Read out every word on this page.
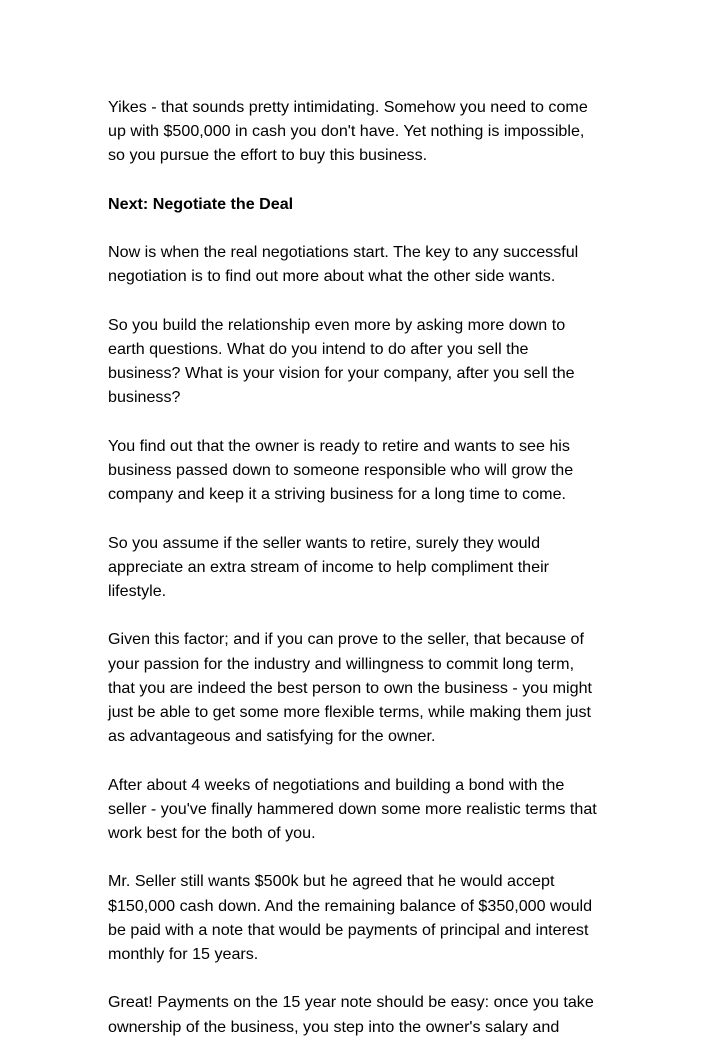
Yikes - that sounds pretty intimidating. Somehow you need to come
up with $500,000 in cash you don't have. Yet nothing is impossible,
so you pursue the effort to buy this business.
Next: Negotiate the Deal
Now is when the real negotiations start. The key to any successful
negotiation is to find out more about what the other side wants.
So you build the relationship even more by asking more down to
earth questions. What do you intend to do after you sell the
business? What is your vision for your company, after you sell the
business?
You find out that the owner is ready to retire and wants to see his
business passed down to someone responsible who will grow the
company and keep it a striving business for a long time to come.
So you assume if the seller wants to retire, surely they would
appreciate an extra stream of income to help compliment their
lifestyle.
Given this factor; and if you can prove to the seller, that because of
your passion for the industry and willingness to commit long term,
that you are indeed the best person to own the business - you might
just be able to get some more flexible terms, while making them just
as advantageous and satisfying for the owner.
After about 4 weeks of negotiations and building a bond with the
seller - you've finally hammered down some more realistic terms that
work best for the both of you.
Mr. Seller still wants $500k but he agreed that he would accept
$150,000 cash down. And the remaining balance of $350,000 would
be paid with a note that would be payments of principal and interest
monthly for 15 years.
Great! Payments on the 15 year note should be easy: once you take
ownership of the business, you step into the owner's salary and
